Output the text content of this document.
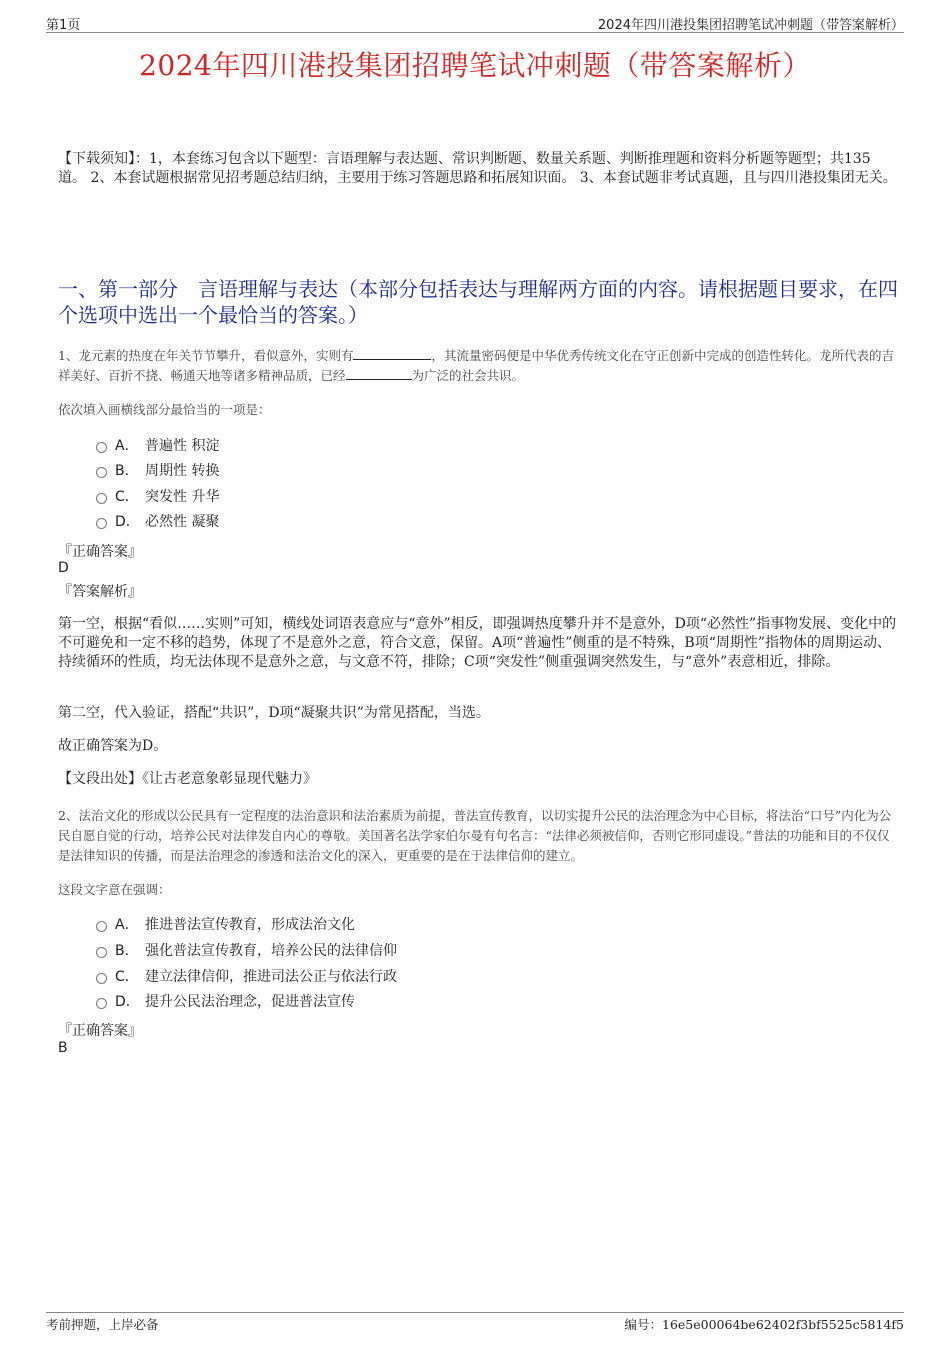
第1页	2024年四川港投集团招聘笔试冲刺题（带答案解析）
2024年四川港投集团招聘笔试冲刺题（带答案解析）
【下载须知】：1，本套练习包含以下题型：言语理解与表达题、常识判断题、数量关系题、判断推理题和资料分析题等题型；共135道。 2、本套试题根据常见招考题总结归纳，主要用于练习答题思路和拓展知识面。 3、本套试题非考试真题，且与四川港投集团无关。
一、第一部分　言语理解与表达（本部分包括表达与理解两方面的内容。请根据题目要求，在四个选项中选出一个最恰当的答案。）
1、龙元素的热度在年关节节攀升，看似意外，实则有	，其流量密码便是中华优秀传统文化在守正创新中完成的创造性转化。龙所代表的吉祥美好、百折不挠、畅通天地等诸多精神品质，已经	为广泛的社会共识。
依次填入画横线部分最恰当的一项是：
A． 普遍性 积淀
B． 周期性 转换
C． 突发性 升华
D． 必然性 凝聚
『正确答案』
D
『答案解析』
第一空，根据“看似……实则”可知，横线处词语表意应与“意外”相反，即强调热度攀升并不是意外，D项“必然性”指事物发展、变化中的不可避免和一定不移的趋势，体现了不是意外之意，符合文意，保留。A项“普遍性”侧重的是不特殊，B项“周期性”指物体的周期运动、持续循环的性质，均无法体现不是意外之意，与文意不符，排除；C项“突发性”侧重强调突然发生，与“意外”表意相近，排除。
第二空，代入验证，搭配“共识”，D项“凝聚共识”为常见搭配，当选。
故正确答案为D。
【文段出处】《让古老意象彰显现代魅力》
2、法治文化的形成以公民具有一定程度的法治意识和法治素质为前提，普法宣传教育，以切实提升公民的法治理念为中心目标，将法治“口号”内化为公民自愿自觉的行动，培养公民对法律发自内心的尊敬。美国著名法学家伯尔曼有句名言：“法律必须被信仰，否则它形同虚设。”普法的功能和目的不仅仅是法律知识的传播，而是法治理念的渗透和法治文化的深入，更重要的是在于法律信仰的建立。
这段文字意在强调：
A． 推进普法宣传教育，形成法治文化
B． 强化普法宣传教育，培养公民的法律信仰
C． 建立法律信仰，推进司法公正与依法行政
D． 提升公民法治理念，促进普法宣传
『正确答案』
B
考前押题，上岸必备	编号：16e5e00064be62402f3bf5525c5814f5
